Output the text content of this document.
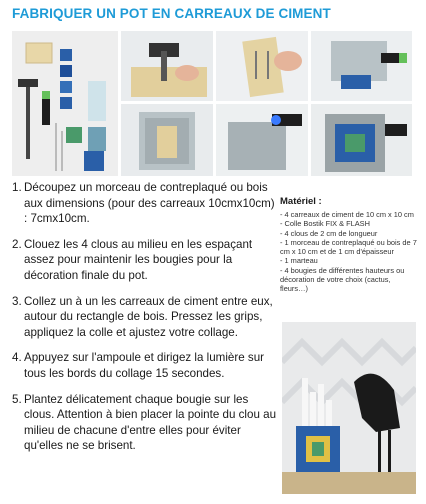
FABRIQUER UN POT EN CARREAUX DE CIMENT
1. Découpez un morceau de contreplaqué ou bois aux dimensions (pour des carreaux 10cmx10cm) : 7cmx10cm.
2. Clouez les 4 clous au milieu en les espaçant assez pour maintenir les bougies pour la décoration finale du pot.
3. Collez un à un les carreaux de ciment entre eux, autour du rectangle de bois. Pressez les grips, appliquez la colle et ajustez votre collage.
4. Appuyez sur l'ampoule et dirigez la lumière sur tous les bords du collage 15 secondes.
5. Plantez délicatement chaque bougie sur les clous. Attention à bien placer la pointe du clou au milieu de chacune d'entre elles pour éviter qu'elles ne se brisent.
Matériel :
- 4 carreaux de ciment de 10 cm x 10 cm
- Colle Bostik FIX & FLASH
- 4 clous de 2 cm de longueur
- 1 morceau de contreplaqué ou bois de 7 cm x 10 cm et de 1 cm d'épaisseur
- 1 marteau
- 4 bougies de différentes hauteurs ou décoration de votre choix (cactus, fleurs…)
